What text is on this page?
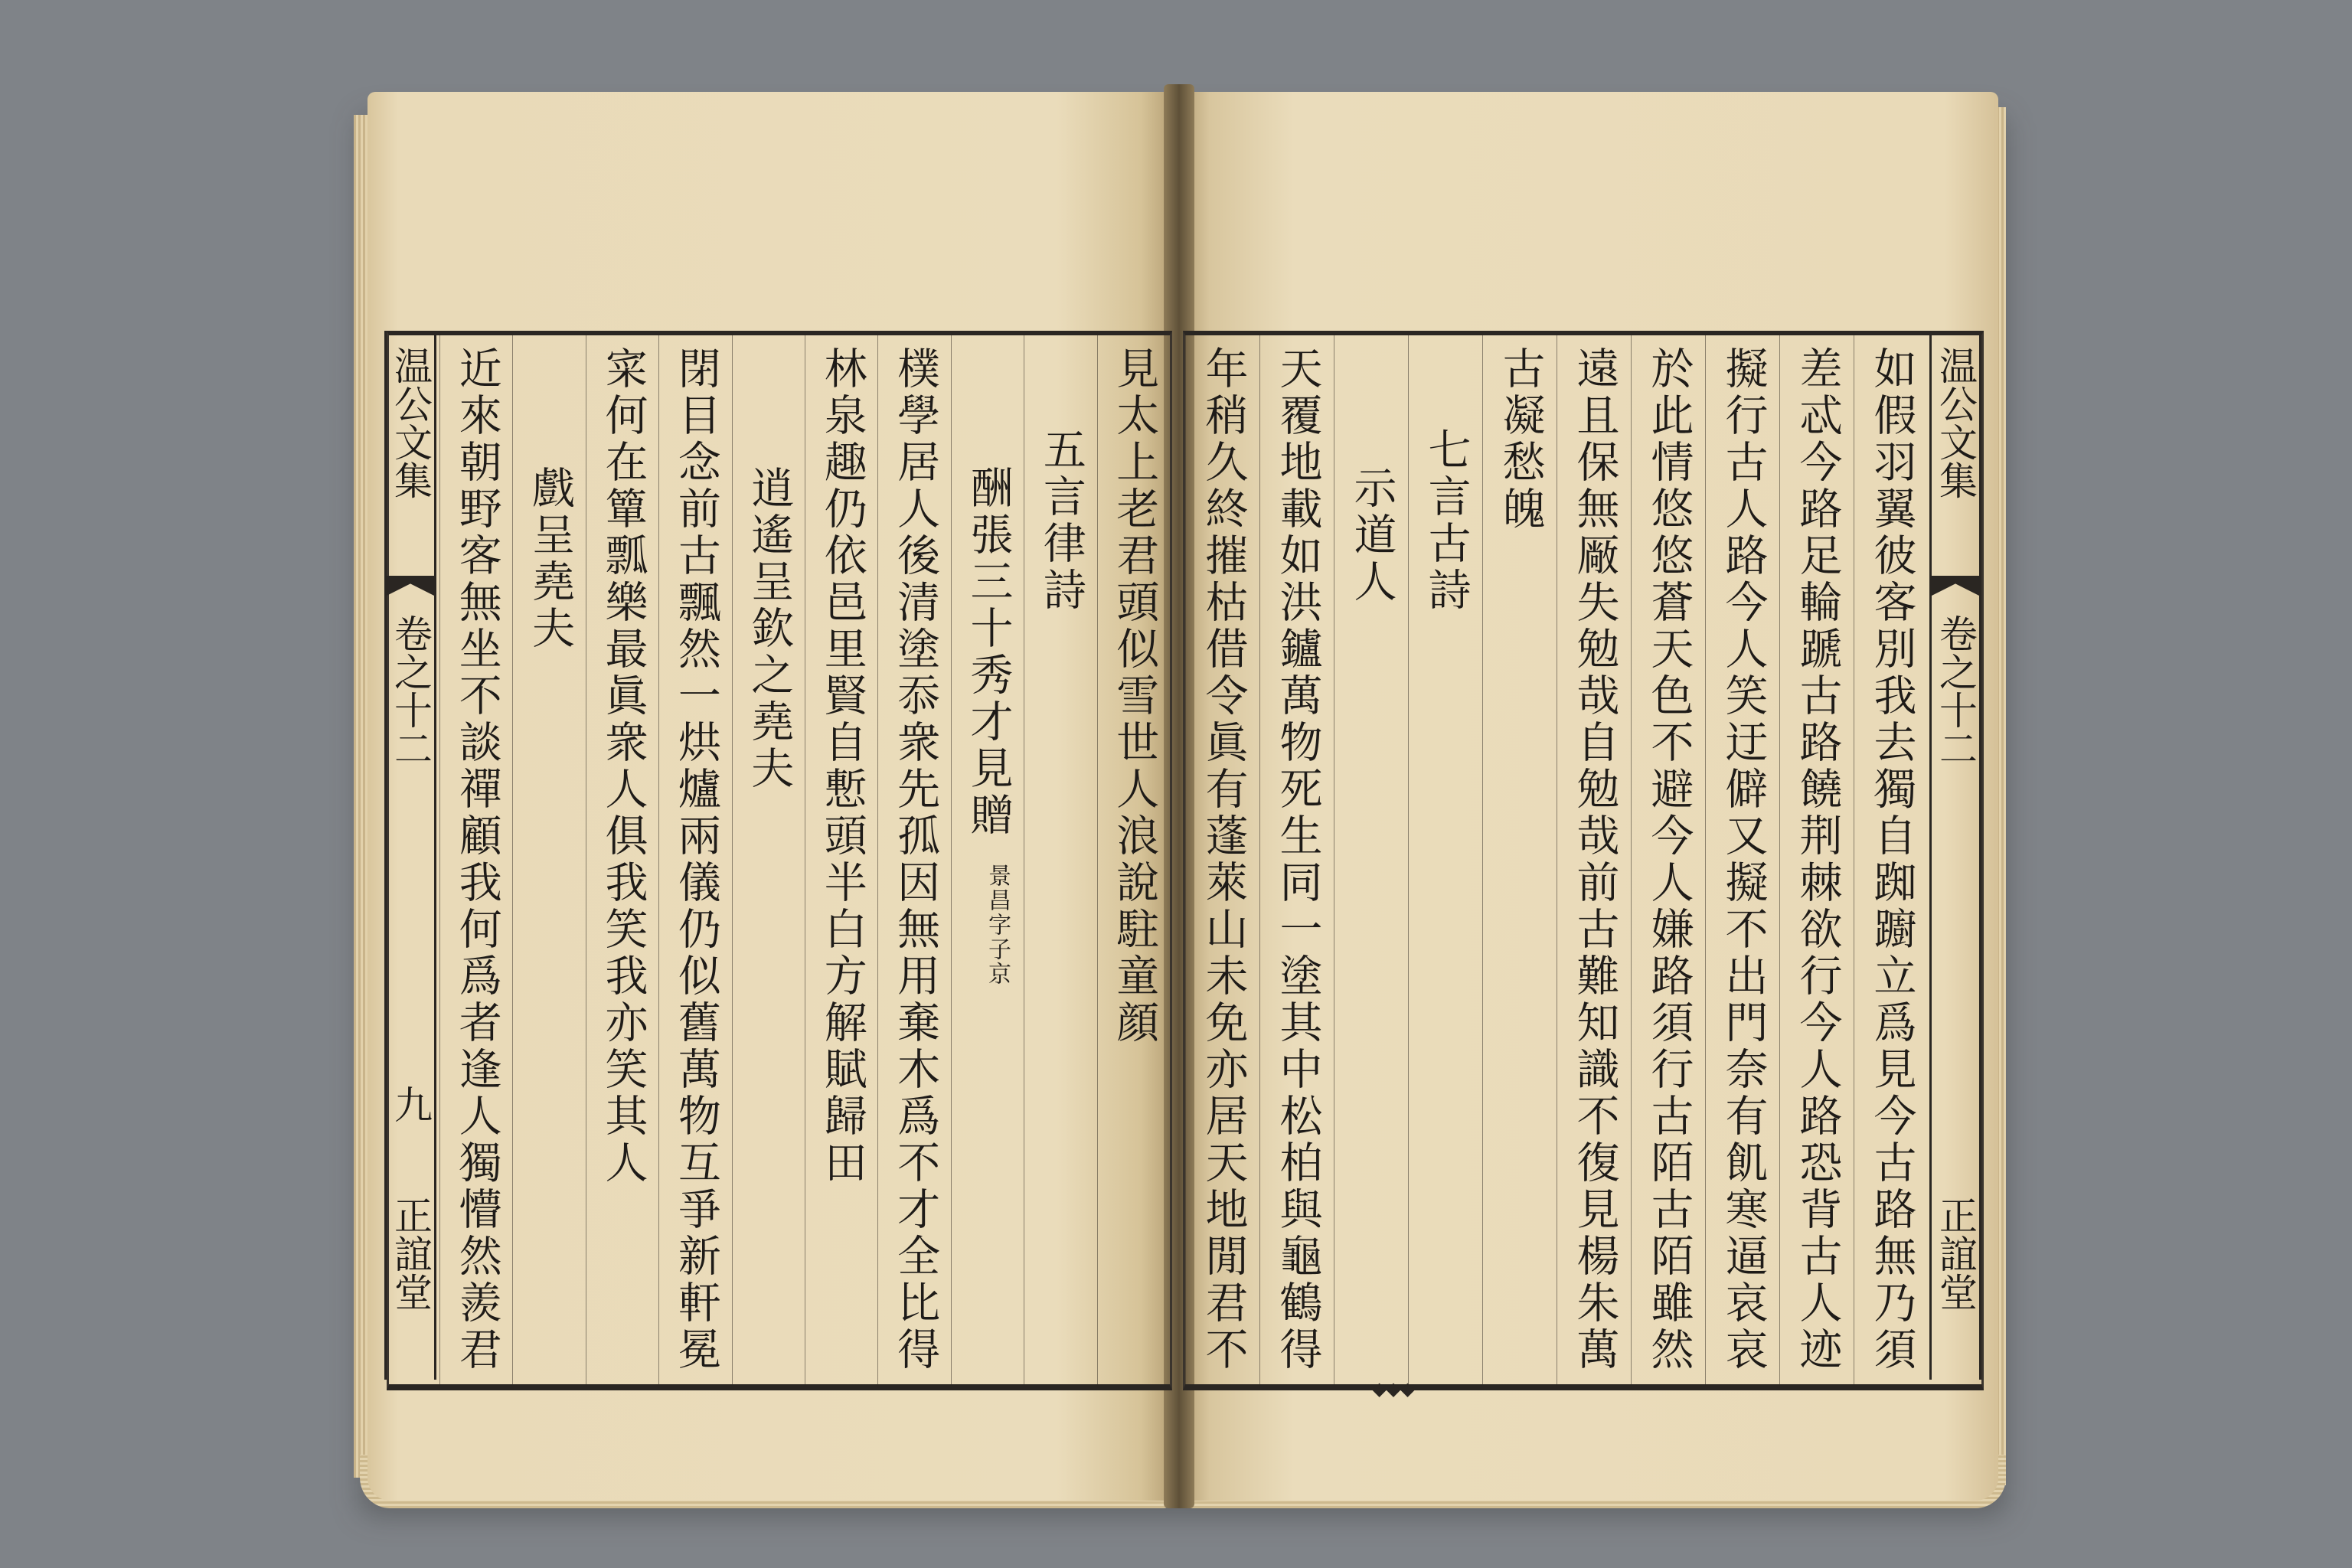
見太上老君頭似雪世人浪說駐童顔
五言律詩
酬張三十秀才見贈
景昌字子京
樸學居人後清塗忝衆先孤因無用棄木爲不才全比得
林泉趣仍依邑里賢自慙頭半白方解賦歸田
逍遙呈欽之堯夫
閉目念前古飄然一烘爐兩儀仍似舊萬物互爭新軒冕
寀何在簞瓢樂最眞衆人俱我笑我亦笑其人
戲呈堯夫
近來朝野客無坐不談禪顧我何爲者逢人獨懵然羨君
温公文集
卷之十二
九
正誼堂	如假羽翼彼客別我去獨自踟躕立爲見今古路無乃須
差忒今路足輪蹏古路饒荆棘欲行今人路恐背古人迹
擬行古人路今人笑迂僻又擬不出門奈有飢寒逼哀哀
於此情悠悠蒼天色不避今人嫌路須行古陌古陌雖然
遠且保無厰失勉哉自勉哉前古難知識不復見楊朱萬
古凝愁魄
七言古詩
示道人
天覆地載如洪鑪萬物死生同一塗其中松柏與龜鶴得
年稍久終摧枯借令眞有蓬萊山未免亦居天地閒君不	温公文集
卷之十二
正誼堂
◆◆◆
